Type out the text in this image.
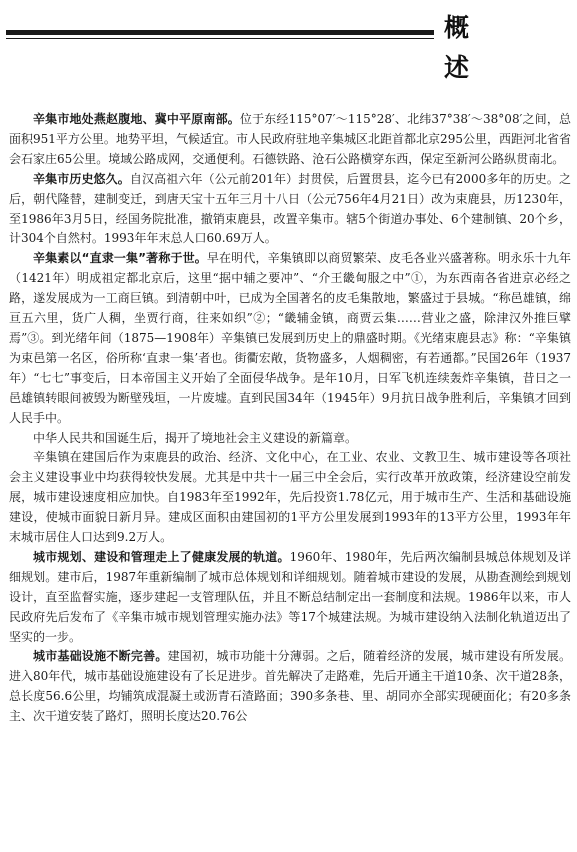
概　述

辛集市地处燕赵腹地、冀中平原南部。位于东经115°07′～115°28′、北纬37°38′～38°08′之间，总面积951平方公里。地势平坦，气候适宜。市人民政府驻地辛集城区北距首都北京295公里，西距河北省省会石家庄65公里。境域公路成网，交通便利。石德铁路、沧石公路横穿东西，保定至新河公路纵贯南北。

辛集市历史悠久。自汉高祖六年（公元前201年）封贯侯，后置贯县，迄今已有2000多年的历史。之后，朝代隆替，建制变迁，到唐天宝十五年三月十八日（公元756年4月21日）改为束鹿县，历1230年，至1986年3月5日，经国务院批准，撤销束鹿县，改置辛集市。辖5个街道办事处、6个建制镇、20个乡，计304个自然村。1993年年末总人口60.69万人。

辛集素以“直隶一集”著称于世。早在明代，辛集镇即以商贸繁荣、皮毛各业兴盛著称。明永乐十九年（1421年）明成祖定都北京后，这里“据中辅之要冲”、“介王畿甸服之中”①，为东西南各省进京必经之路，遂发展成为一工商巨镇。到清朝中叶，已成为全国著名的皮毛集散地，繁盛过于县城。“称邑雄镇，绵亘五六里，货广人稠，坐贾行商，往来如织”②；“畿辅金镇，商贾云集……营业之盛，除津汉外推巨擘焉”③。到光绪年间（1875—1908年）辛集镇已发展到历史上的鼎盛时期。《光绪束鹿县志》称：“辛集镇为束邑第一名区，俗所称‘直隶一集’者也。街衢宏敞，货物盛多，人烟稠密，有若通都。”民国26年（1937年）“七七”事变后，日本帝国主义开始了全面侵华战争。是年10月，日军飞机连续轰炸辛集镇，昔日之一邑雄镇转眼间被毁为断壁残垣，一片废墟。直到民国34年（1945年）9月抗日战争胜利后，辛集镇才回到人民手中。

中华人民共和国诞生后，揭开了境地社会主义建设的新篇章。

辛集镇在建国后作为束鹿县的政治、经济、文化中心，在工业、农业、文教卫生、城市建设等各项社会主义建设事业中均获得较快发展。尤其是中共十一届三中全会后，实行改革开放政策，经济建设空前发展，城市建设速度相应加快。自1983年至1992年，先后投资1.78亿元，用于城市生产、生活和基础设施建设，使城市面貌日新月异。建成区面积由建国初的1平方公里发展到1993年的13平方公里，1993年年末城市居住人口达到9.2万人。

城市规划、建设和管理走上了健康发展的轨道。1960年、1980年，先后两次编制县城总体规划及详细规划。建市后，1987年重新编制了城市总体规划和详细规划。随着城市建设的发展，从勘查测绘到规划设计，直至监督实施，逐步建起一支管理队伍，并且不断总结制定出一套制度和法规。1986年以来，市人民政府先后发布了《辛集市城市规划管理实施办法》等17个城建法规。为城市建设纳入法制化轨道迈出了坚实的一步。

城市基础设施不断完善。建国初，城市功能十分薄弱。之后，随着经济的发展，城市建设有所发展。进入80年代，城市基础设施建设有了长足进步。首先解决了走路难，先后开通主干道10条、次干道28条，总长度56.6公里，均铺筑成混凝土或沥青石渣路面；390多条巷、里、胡同亦全部实现硬面化；有20多条主、次干道安装了路灯，照明长度达20.76公
